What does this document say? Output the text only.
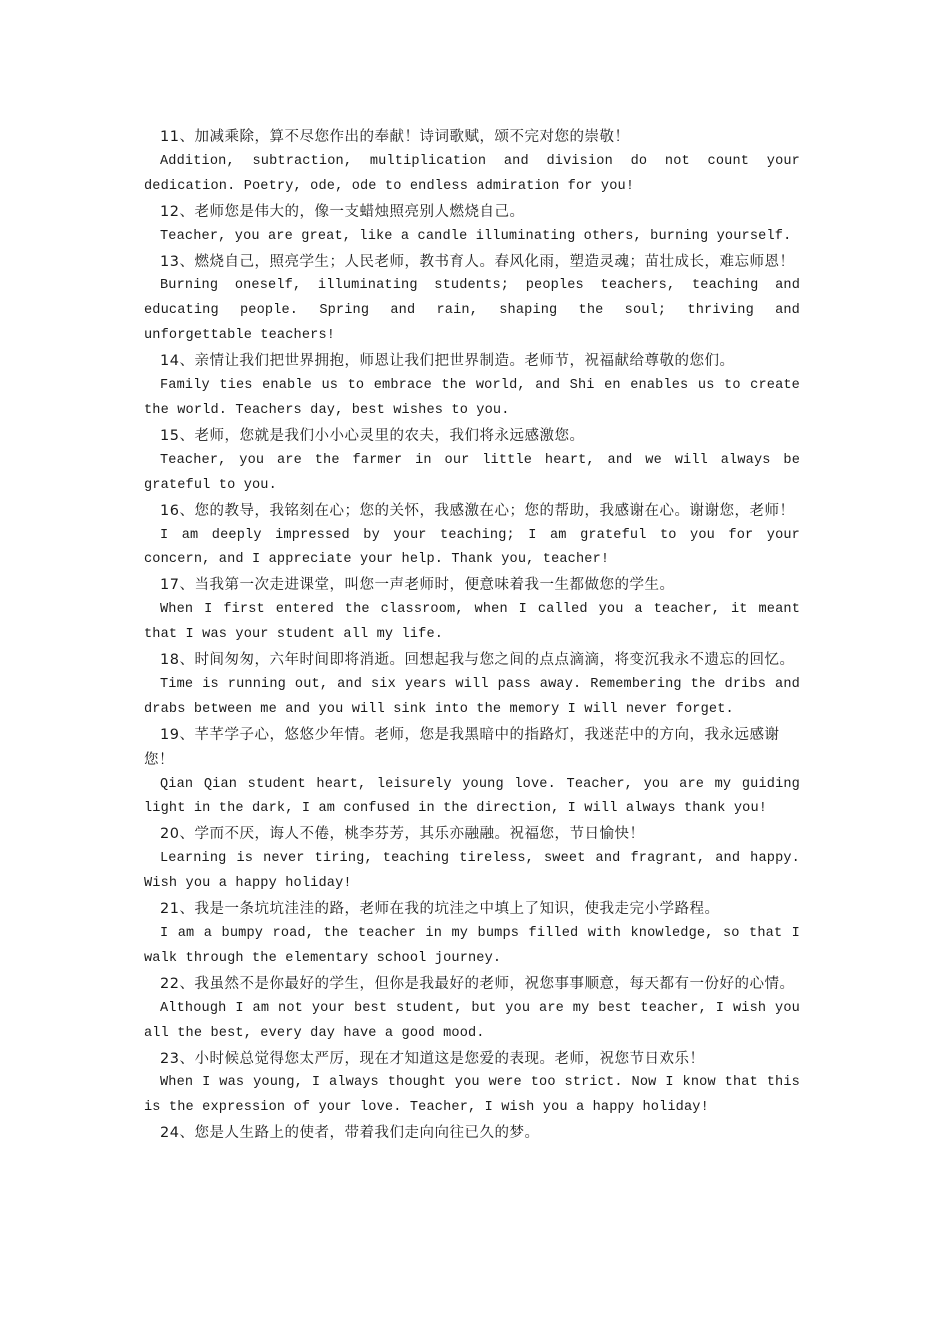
11、加减乘除，算不尽您作出的奉献！诗词歌赋，颂不完对您的崇敬！

Addition, subtraction, multiplication and division do not count your dedication. Poetry, ode, ode to endless admiration for you!

12、老师您是伟大的，像一支蜡烛照亮别人燃烧自己。

Teacher, you are great, like a candle illuminating others, burning yourself.

13、燃烧自己，照亮学生；人民老师，教书育人。春风化雨，塑造灵魂；苗壮成长，难忘师恩！

Burning oneself, illuminating students; peoples teachers, teaching and educating people. Spring and rain, shaping the soul; thriving and unforgettable teachers!

14、亲情让我们把世界拥抱，师恩让我们把世界制造。老师节，祝福献给尊敬的您们。

Family ties enable us to embrace the world, and Shi en enables us to create the world. Teachers day, best wishes to you.

15、老师，您就是我们小小心灵里的农夫，我们将永远感激您。

Teacher, you are the farmer in our little heart, and we will always be grateful to you.

16、您的教导，我铭刻在心；您的关怀，我感激在心；您的帮助，我感谢在心。谢谢您，老师！

I am deeply impressed by your teaching; I am grateful to you for your concern, and I appreciate your help. Thank you, teacher!

17、当我第一次走进课堂，叫您一声老师时，便意味着我一生都做您的学生。

When I first entered the classroom, when I called you a teacher, it meant that I was your student all my life.

18、时间匆匆，六年时间即将消逝。回想起我与您之间的点点滴滴，将变沉我永不遗忘的回忆。

Time is running out, and six years will pass away. Remembering the dribs and drabs between me and you will sink into the memory I will never forget.

19、芊芊学子心，悠悠少年情。老师，您是我黑暗中的指路灯，我迷茫中的方向，我永远感谢您！

Qian Qian student heart, leisurely young love. Teacher, you are my guiding light in the dark, I am confused in the direction, I will always thank you!

20、学而不厌，诲人不倦，桃李芬芳，其乐亦融融。祝福您，节日愉快！

Learning is never tiring, teaching tireless, sweet and fragrant, and happy. Wish you a happy holiday!

21、我是一条坑坑洼洼的路，老师在我的坑洼之中填上了知识，使我走完小学路程。

I am a bumpy road, the teacher in my bumps filled with knowledge, so that I walk through the elementary school journey.

22、我虽然不是你最好的学生，但你是我最好的老师，祝您事事顺意，每天都有一份好的心情。

Although I am not your best student, but you are my best teacher, I wish you all the best, every day have a good mood.

23、小时候总觉得您太严厉，现在才知道这是您爱的表现。老师，祝您节日欢乐！

When I was young, I always thought you were too strict. Now I know that this is the expression of your love. Teacher, I wish you a happy holiday!

24、您是人生路上的使者，带着我们走向向往已久的梦。
